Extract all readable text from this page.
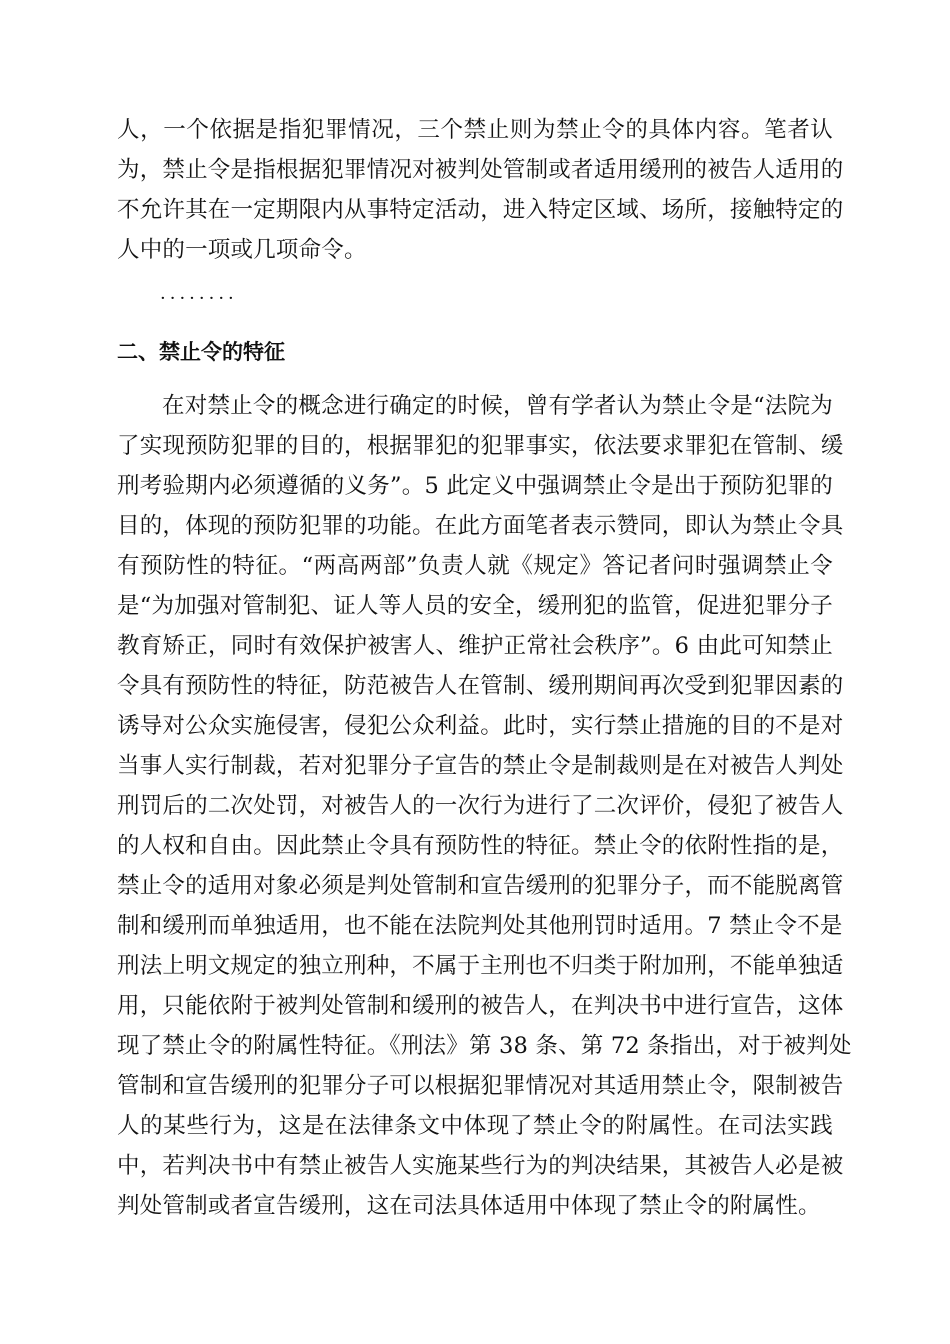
人，一个依据是指犯罪情况，三个禁止则为禁止令的具体内容。笔者认
为，禁止令是指根据犯罪情况对被判处管制或者适用缓刑的被告人适用的
不允许其在一定期限内从事特定活动，进入特定区域、场所，接触特定的
人中的一项或几项命令。
········
二、禁止令的特征
在对禁止令的概念进行确定的时候，曾有学者认为禁止令是“法院为
了实现预防犯罪的目的，根据罪犯的犯罪事实，依法要求罪犯在管制、缓
刑考验期内必须遵循的义务”。5 此定义中强调禁止令是出于预防犯罪的
目的，体现的预防犯罪的功能。在此方面笔者表示赞同，即认为禁止令具
有预防性的特征。“两高两部”负责人就《规定》答记者问时强调禁止令
是“为加强对管制犯、证人等人员的安全，缓刑犯的监管，促进犯罪分子
教育矫正，同时有效保护被害人、维护正常社会秩序”。6 由此可知禁止
令具有预防性的特征，防范被告人在管制、缓刑期间再次受到犯罪因素的
诱导对公众实施侵害，侵犯公众利益。此时，实行禁止措施的目的不是对
当事人实行制裁，若对犯罪分子宣告的禁止令是制裁则是在对被告人判处
刑罚后的二次处罚，对被告人的一次行为进行了二次评价，侵犯了被告人
的人权和自由。因此禁止令具有预防性的特征。禁止令的依附性指的是，
禁止令的适用对象必须是判处管制和宣告缓刑的犯罪分子，而不能脱离管
制和缓刑而单独适用，也不能在法院判处其他刑罚时适用。7 禁止令不是
刑法上明文规定的独立刑种，不属于主刑也不归类于附加刑，不能单独适
用，只能依附于被判处管制和缓刑的被告人，在判决书中进行宣告，这体
现了禁止令的附属性特征。《刑法》第 38 条、第 72 条指出，对于被判处
管制和宣告缓刑的犯罪分子可以根据犯罪情况对其适用禁止令，限制被告
人的某些行为，这是在法律条文中体现了禁止令的附属性。在司法实践
中，若判决书中有禁止被告人实施某些行为的判决结果，其被告人必是被
判处管制或者宣告缓刑，这在司法具体适用中体现了禁止令的附属性。
